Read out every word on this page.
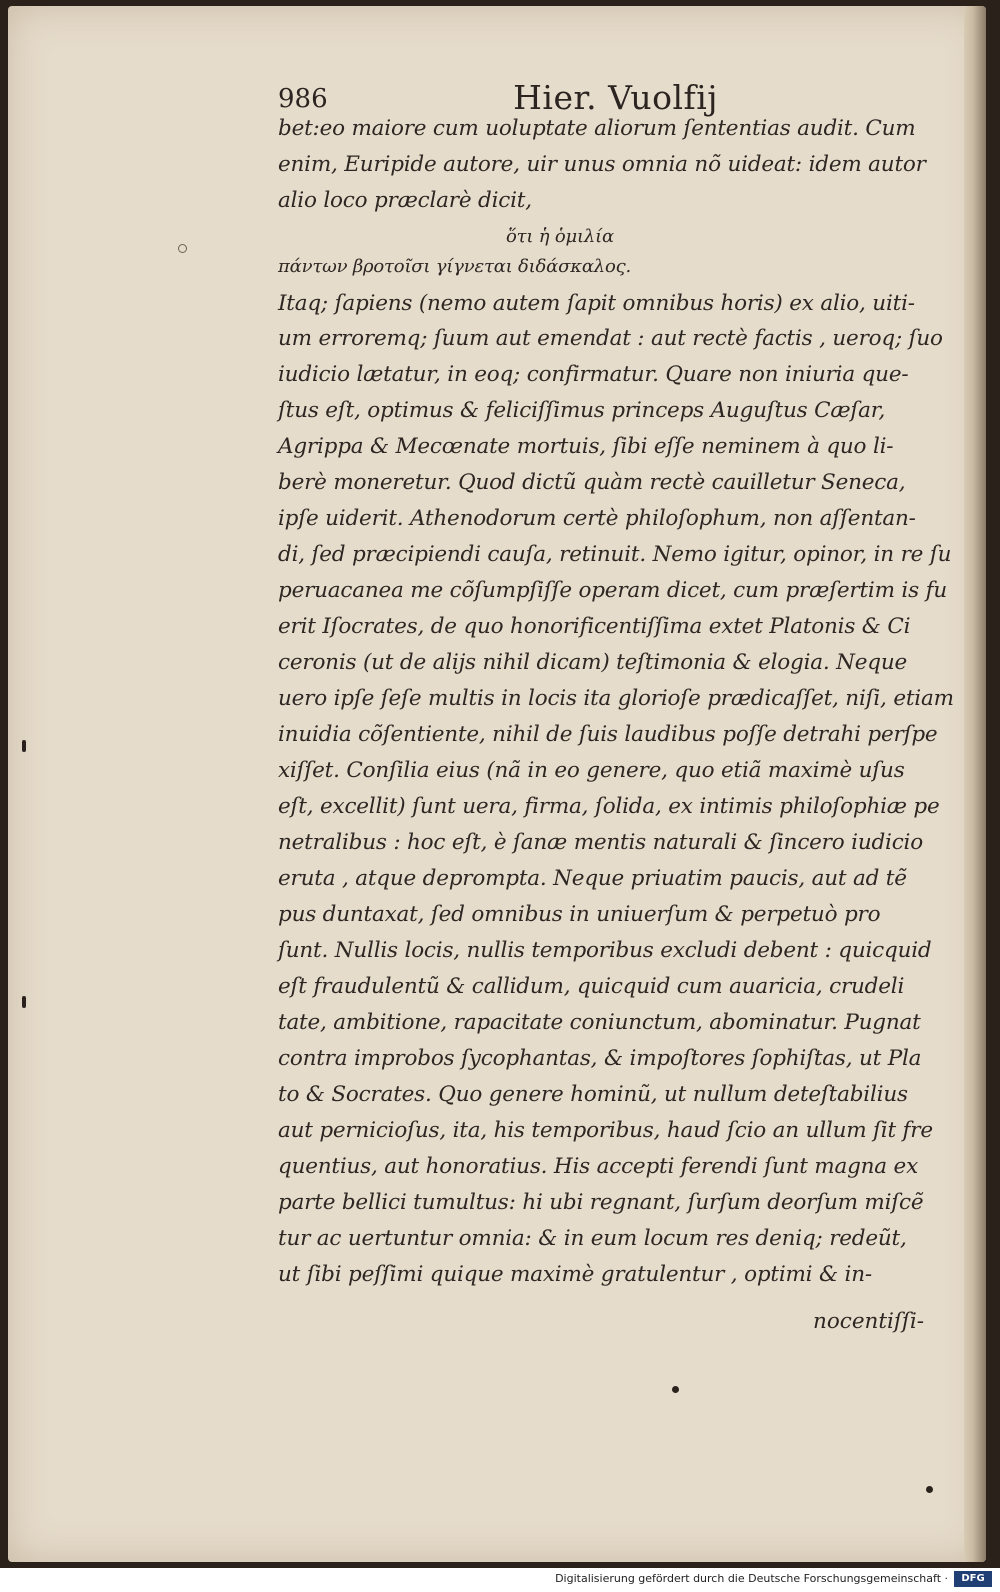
986	Hier. Vuolfij
bet:eo maiore cum uoluptate aliorum ſententias audit. Cum
enim, Euripide autore, uir unus omnia nõ uideat: idem autor
alio loco præclarè dicit,
ὅτι ἡ ὁμιλία
πάντων βροτοῖσι γίγνεται διδάσκαλος.
Itaq; ſapiens (nemo autem ſapit omnibus horis) ex alio, uiti-
um erroremq; ſuum aut emendat : aut rectè factis , ueroq; ſuo
iudicio lætatur, in eoq; confirmatur. Quare non iniuria que-
ſtus eſt, optimus & feliciſſimus princeps Auguſtus Cæſar,
Agrippa & Mecœnate mortuis, ſibi eſſe neminem à quo li-
berè moneretur. Quod dictũ quàm rectè cauilletur Seneca,
ipſe uiderit. Athenodorum certè philoſophum, non aſſentan-
di, ſed præcipiendi cauſa, retinuit. Nemo igitur, opinor, in re ſu
peruacanea me cõſumpſiſſe operam dicet, cum præſertim is fu
erit Iſocrates, de quo honorificentiſſima extet Platonis & Ci
ceronis (ut de alijs nihil dicam) teſtimonia & elogia. Neque
uero ipſe ſeſe multis in locis ita glorioſe prædicaſſet, niſi, etiam
inuidia cõſentiente, nihil de ſuis laudibus poſſe detrahi perſpe
xiſſet. Conſilia eius (nã in eo genere, quo etiã maximè uſus
eſt, excellit) ſunt uera, firma, ſolida, ex intimis philoſophiæ pe
netralibus : hoc eſt, è ſanæ mentis naturali & ſincero iudicio
eruta , atque deprompta. Neque priuatim paucis, aut ad tẽ
pus duntaxat, ſed omnibus in uniuerſum & perpetuò pro
ſunt. Nullis locis, nullis temporibus excludi debent : quicquid
eſt fraudulentũ & callidum, quicquid cum auaricia, crudeli
tate, ambitione, rapacitate coniunctum, abominatur. Pugnat
contra improbos ſycophantas, & impoſtores ſophiſtas, ut Pla
to & Socrates. Quo genere hominũ, ut nullum deteſtabilius
aut pernicioſus, ita, his temporibus, haud ſcio an ullum ſit fre
quentius, aut honoratius. His accepti ferendi ſunt magna ex
parte bellici tumultus: hi ubi regnant, ſurſum deorſum miſcẽ
tur ac uertuntur omnia: & in eum locum res deniq; redeũt,
ut ſibi peſſimi quique maximè gratulentur , optimi & in-
nocentiſſi-
Digitalisierung gefördert durch die Deutsche Forschungsgemeinschaft ·	DFG
